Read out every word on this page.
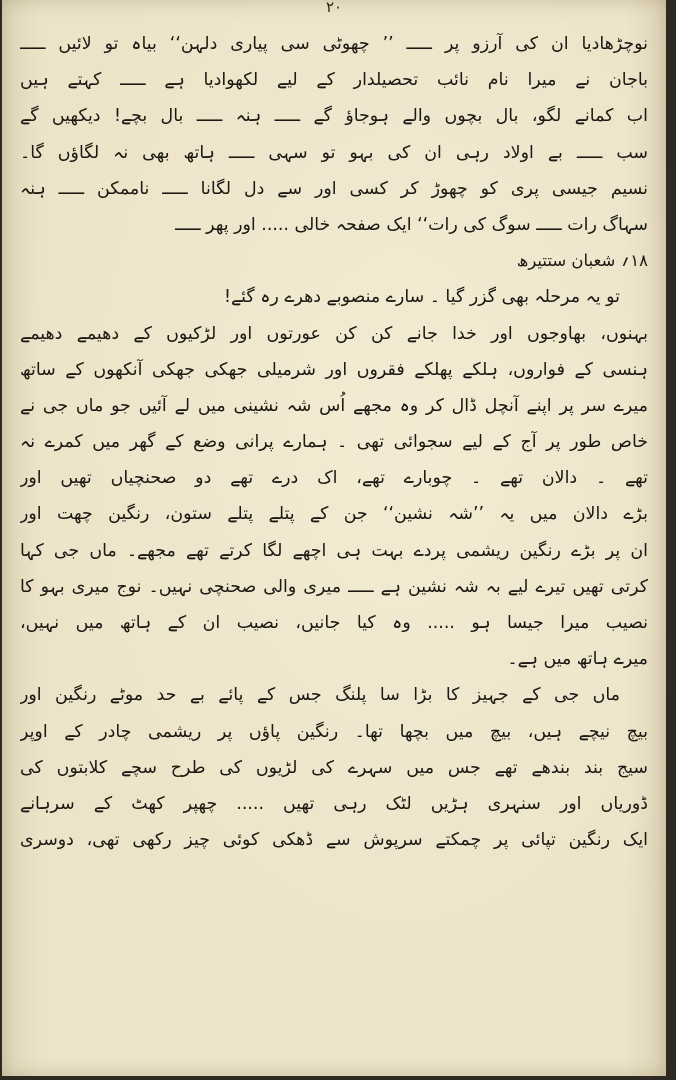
۲۰
نوچڑھادیا ان کی آرزو پر ـــــ ’’ چھوٹی سی پیاری دلہن‘‘ بیاہ تو لائیں ـــــ
باجان نے میرا نام نائب تحصیلدار کے لیے لکھوادیا ہے ـــــ کہتے ہیں
اب کمانے لگو، بال بچوں والے ہوجاؤ گے ـــــ ہنہ ـــــ بال بچے! دیکھیں گے
سب ـــــ بے اولاد رہی ان کی بہو تو سہی ـــــ ہاتھ بھی نہ لگاؤں گا۔
نسیم جیسی پری کو چھوڑ کر کسی اور سے دل لگانا ـــــ ناممکن ـــــ ہنہ
سہاگ رات ـــــ سوگ کی رات‘‘ ایک صفحہ خالی ..... اور پھر ـــــ
۱۸؍ شعبان ستتیرھ
تو یہ مرحلہ بھی گزر گیا ۔ سارے منصوبے دھرے رہ گئے!
بہنوں، بھاوجوں اور خدا جانے کن کن عورتوں اور لڑکیوں کے دھیمے دھیمے
ہنسی کے فواروں، ہلکے پھلکے فقروں اور شرمیلی جھکی جھکی آنکھوں کے ساتھ
میرے سر پر اپنے آنچل ڈال کر وہ مجھے اُس شہ نشینی میں لے آئیں جو ماں جی نے
خاص طور پر آج کے لیے سجوائی تھی ۔ ہمارے پرانی وضع کے گھر میں کمرے نہ
تھے ۔ دالان تھے ۔ چوبارے تھے، اک درے تھے دو صحنچیاں تھیں اور
بڑے دالان میں یہ ’’شہ نشین‘‘ جن کے پتلے پتلے ستون، رنگین چھت اور
ان پر بڑے رنگین ریشمی پردے بہت ہی اچھے لگا کرتے تھے مجھے۔ ماں جی کہا
کرتی تھیں تیرے لیے بہ شہ نشین ہے ـــــ میری والی صحنچی نہیں۔ نوج میری بہو کا
نصیب میرا جیسا ہو ..... وہ کیا جانیں، نصیب ان کے ہاتھ میں نہیں،
میرے ہاتھ میں ہے۔
ماں جی کے جہیز کا بڑا سا پلنگ جس کے پائے بے حد موٹے رنگین اور
بیچ نیچے ہیں، بیچ میں بچھا تھا۔ رنگین پاؤں پر ریشمی چادر کے اوپر
سیج بند بندھے تھے جس میں سہرے کی لڑیوں کی طرح سچے کلابتوں کی
ڈوریاں اور سنہری ہڑیں لٹک رہی تھیں ..... چھپر کھٹ کے سرہانے
ایک رنگین تپائی پر چمکتے سرپوش سے ڈھکی کوئی چیز رکھی تھی، دوسری
